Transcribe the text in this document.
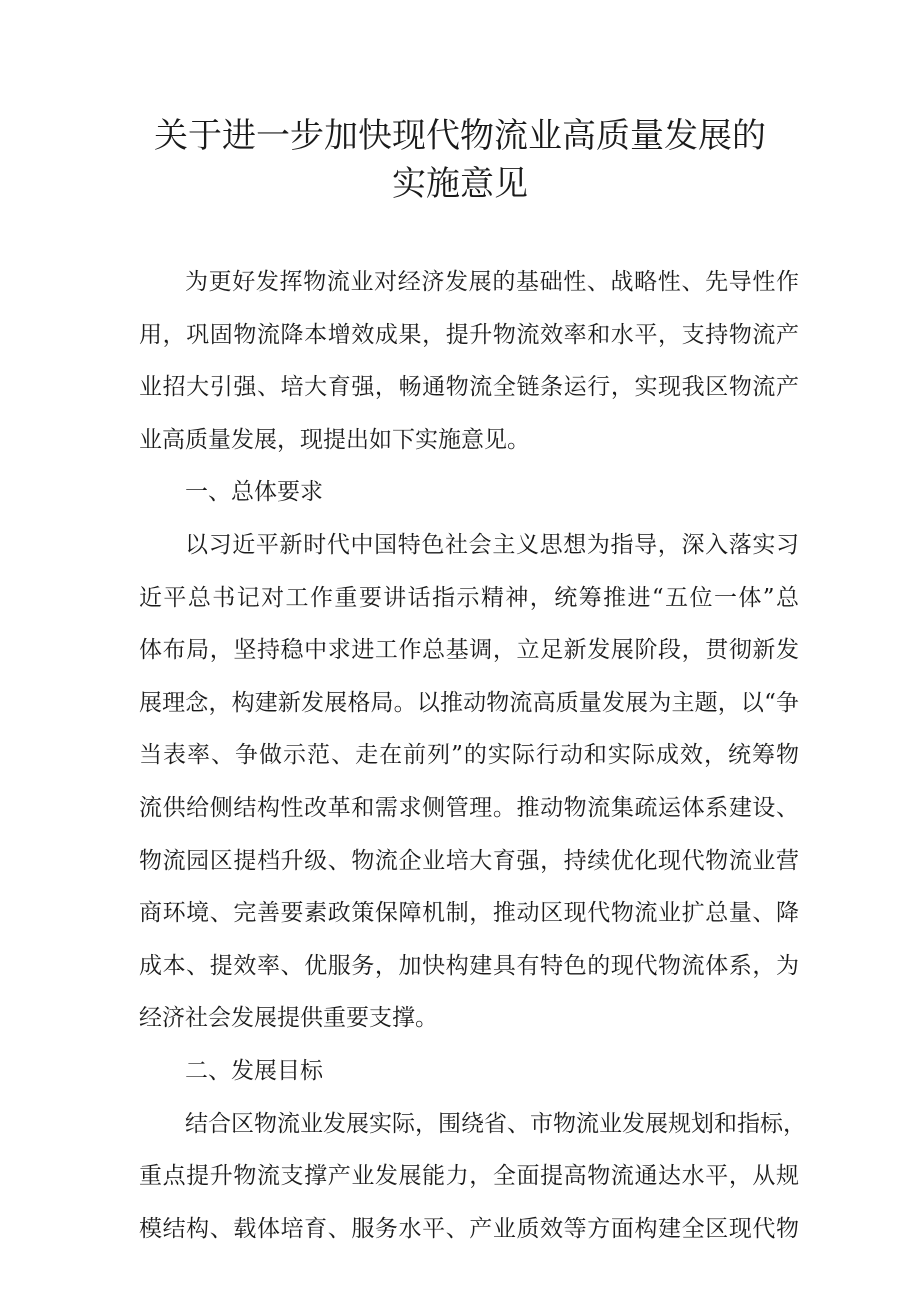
关于进一步加快现代物流业高质量发展的
实施意见
为更好发挥物流业对经济发展的基础性、战略性、先导性作
用，巩固物流降本增效成果，提升物流效率和水平，支持物流产
业招大引强、培大育强，畅通物流全链条运行，实现我区物流产
业高质量发展，现提出如下实施意见。
一、总体要求
以习近平新时代中国特色社会主义思想为指导，深入落实习
近平总书记对工作重要讲话指示精神，统筹推进“五位一体”总
体布局，坚持稳中求进工作总基调，立足新发展阶段，贯彻新发
展理念，构建新发展格局。以推动物流高质量发展为主题，以“争
当表率、争做示范、走在前列”的实际行动和实际成效，统筹物
流供给侧结构性改革和需求侧管理。推动物流集疏运体系建设、
物流园区提档升级、物流企业培大育强，持续优化现代物流业营
商环境、完善要素政策保障机制，推动区现代物流业扩总量、降
成本、提效率、优服务，加快构建具有特色的现代物流体系，为
经济社会发展提供重要支撑。
二、发展目标
结合区物流业发展实际，围绕省、市物流业发展规划和指标，
重点提升物流支撑产业发展能力，全面提高物流通达水平，从规
模结构、载体培育、服务水平、产业质效等方面构建全区现代物
